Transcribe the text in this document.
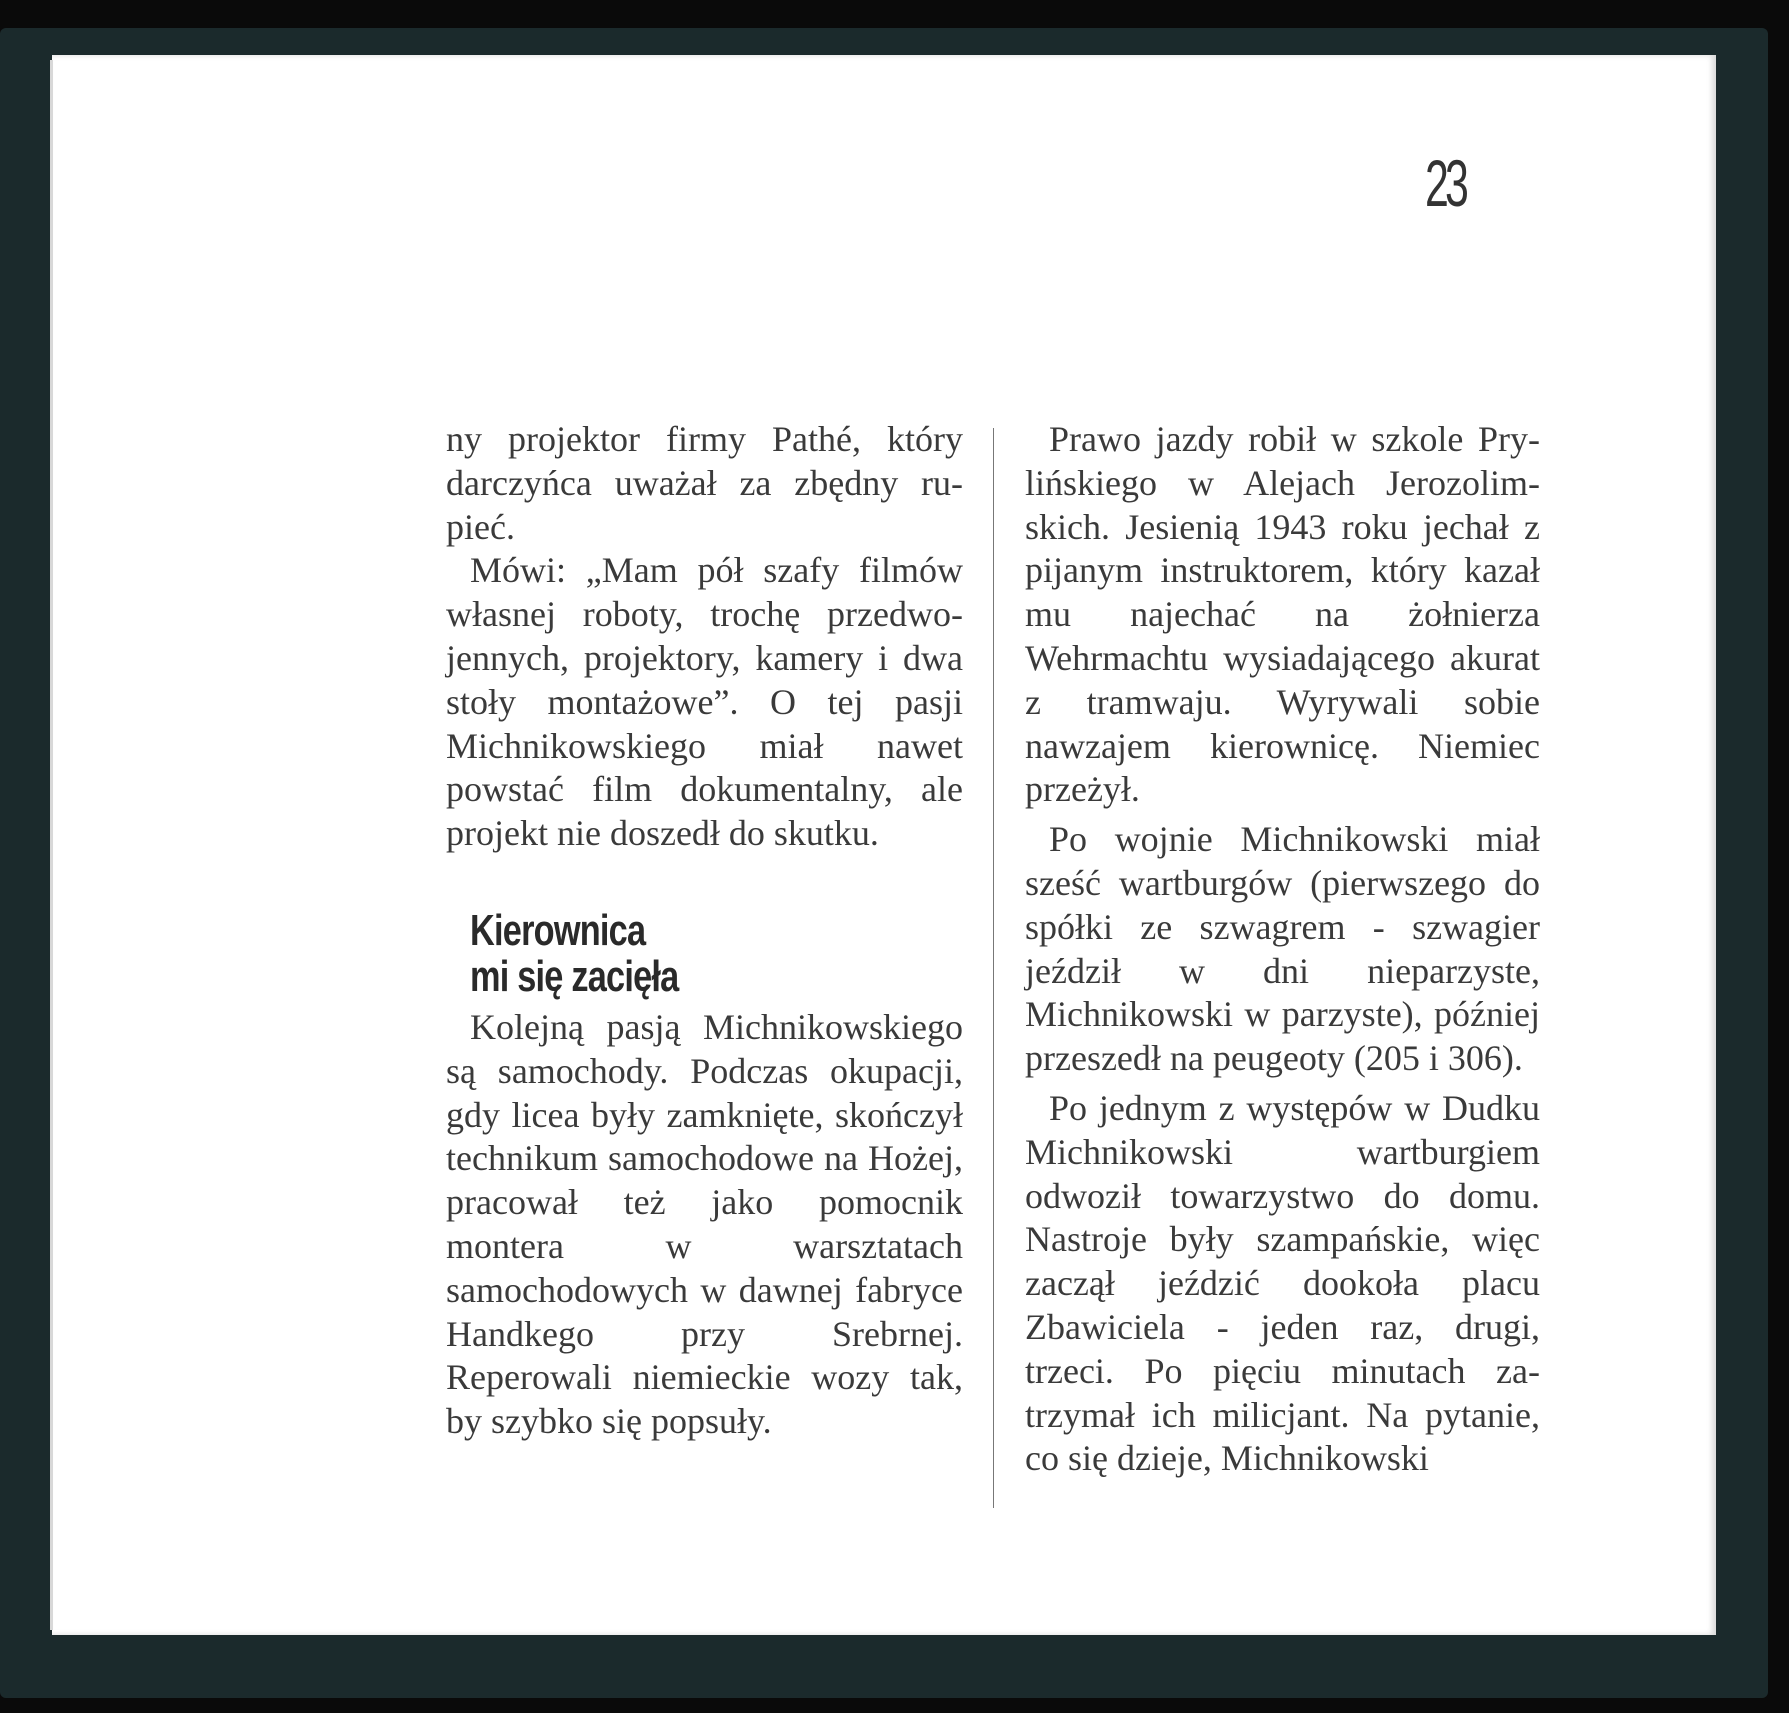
23

ny projektor firmy Pathé, który darczyńca uważał za zbędny rupieć.

Mówi: „Mam pół szafy filmów własnej roboty, trochę przedwojennych, projektory, kamery i dwa stoły montażowe”. O tej pasji Michnikowskiego miał nawet powstać film dokumentalny, ale projekt nie doszedł do skutku.

Kierownica
mi się zacięła

Kolejną pasją Michnikowskiego są samochody. Podczas okupacji, gdy licea były zamknięte, skończył technikum samochodowe na Hożej, pracował też jako pomocnik montera w warsztatach samochodowych w dawnej fabryce Handkego przy Srebrnej. Reperowali niemieckie wozy tak, by szybko się popsuły.

Prawo jazdy robił w szkole Prylińskiego w Alejach Jerozolimskich. Jesienią 1943 roku jechał z pijanym instruktorem, który kazał mu najechać na żołnierza Wehrmachtu wysiadającego akurat z tramwaju. Wyrywali sobie nawzajem kierownicę. Niemiec przeżył.

Po wojnie Michnikowski miał sześć wartburgów (pierwszego do spółki ze szwagrem - szwagier jeździł w dni nieparzyste, Michnikowski w parzyste), później przeszedł na peugeoty (205 i 306).

Po jednym z występów w Dudku Michnikowski wartburgiem odwoził towarzystwo do domu. Nastroje były szampańskie, więc zaczął jeździć dookoła placu Zbawiciela - jeden raz, drugi, trzeci. Po pięciu minutach zatrzymał ich milicjant. Na pytanie, co się dzieje, Michnikowski
